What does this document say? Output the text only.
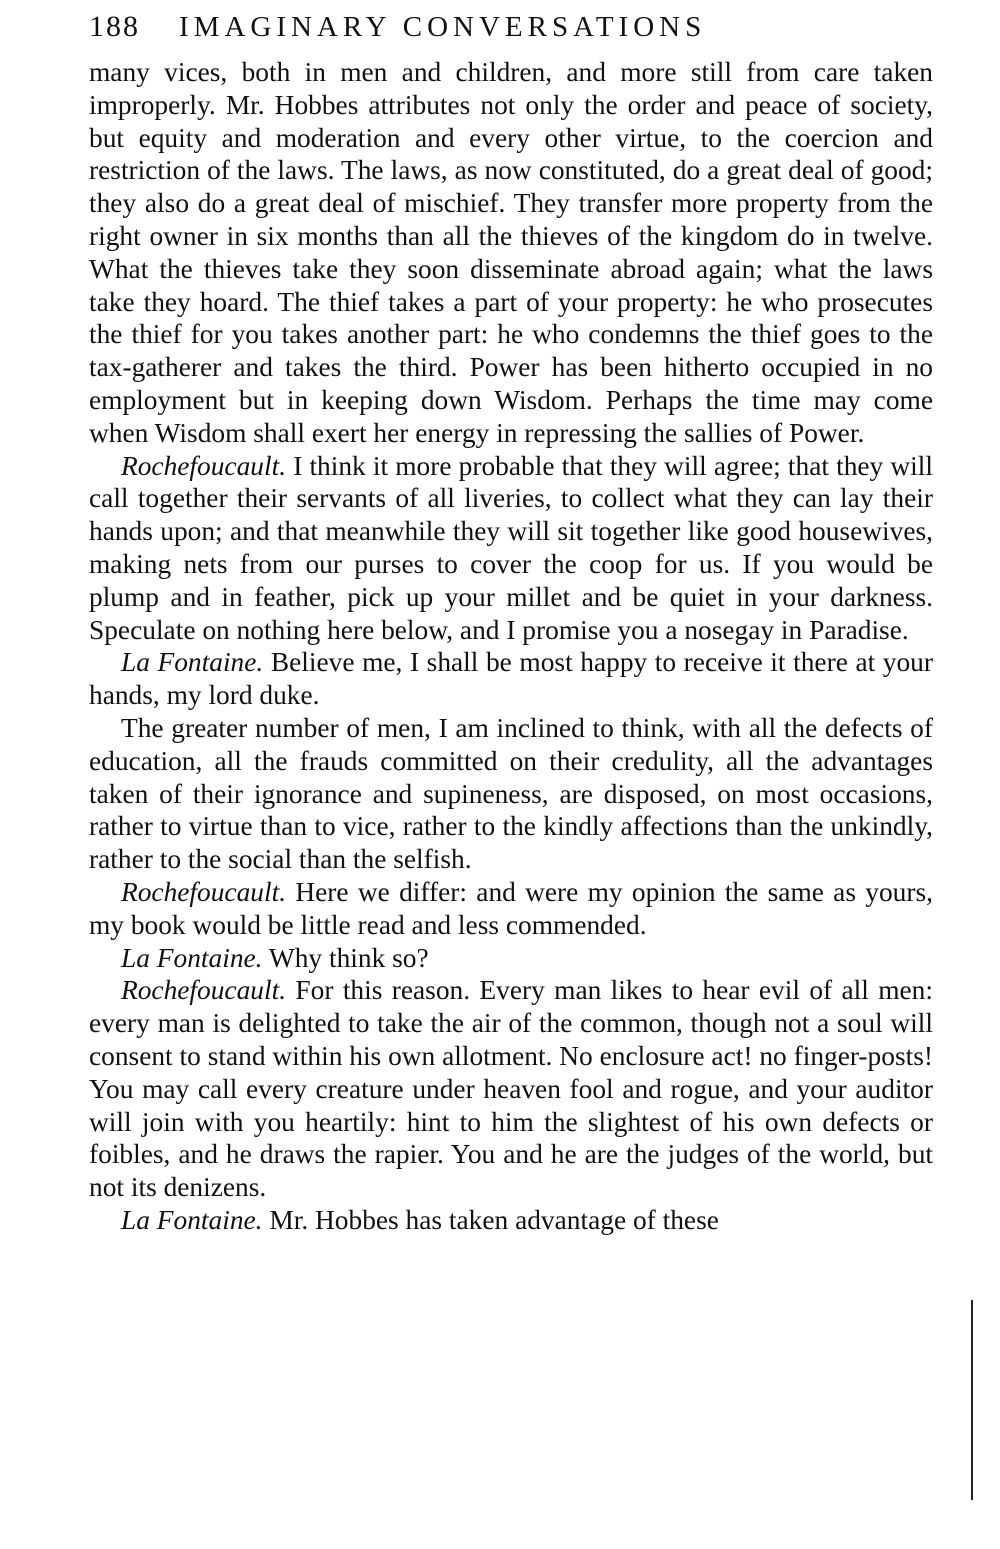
188	IMAGINARY CONVERSATIONS

many vices, both in men and children, and more still from care taken improperly. Mr. Hobbes attributes not only the order and peace of society, but equity and moderation and every other virtue, to the coercion and restriction of the laws. The laws, as now constituted, do a great deal of good; they also do a great deal of mischief. They transfer more property from the right owner in six months than all the thieves of the kingdom do in twelve. What the thieves take they soon disseminate abroad again; what the laws take they hoard. The thief takes a part of your property: he who prosecutes the thief for you takes another part: he who condemns the thief goes to the tax-gatherer and takes the third. Power has been hitherto occupied in no employment but in keeping down Wisdom. Perhaps the time may come when Wisdom shall exert her energy in repressing the sallies of Power.

Rochefoucault. I think it more probable that they will agree; that they will call together their servants of all liveries, to collect what they can lay their hands upon; and that meanwhile they will sit together like good housewives, making nets from our purses to cover the coop for us. If you would be plump and in feather, pick up your millet and be quiet in your darkness. Speculate on nothing here below, and I promise you a nosegay in Paradise.

La Fontaine. Believe me, I shall be most happy to receive it there at your hands, my lord duke.

The greater number of men, I am inclined to think, with all the defects of education, all the frauds committed on their credulity, all the advantages taken of their ignorance and supineness, are disposed, on most occasions, rather to virtue than to vice, rather to the kindly affections than the unkindly, rather to the social than the selfish.

Rochefoucault. Here we differ: and were my opinion the same as yours, my book would be little read and less commended.

La Fontaine. Why think so?

Rochefoucault. For this reason. Every man likes to hear evil of all men: every man is delighted to take the air of the common, though not a soul will consent to stand within his own allotment. No enclosure act! no finger-posts! You may call every creature under heaven fool and rogue, and your auditor will join with you heartily: hint to him the slightest of his own defects or foibles, and he draws the rapier. You and he are the judges of the world, but not its denizens.

La Fontaine. Mr. Hobbes has taken advantage of these
